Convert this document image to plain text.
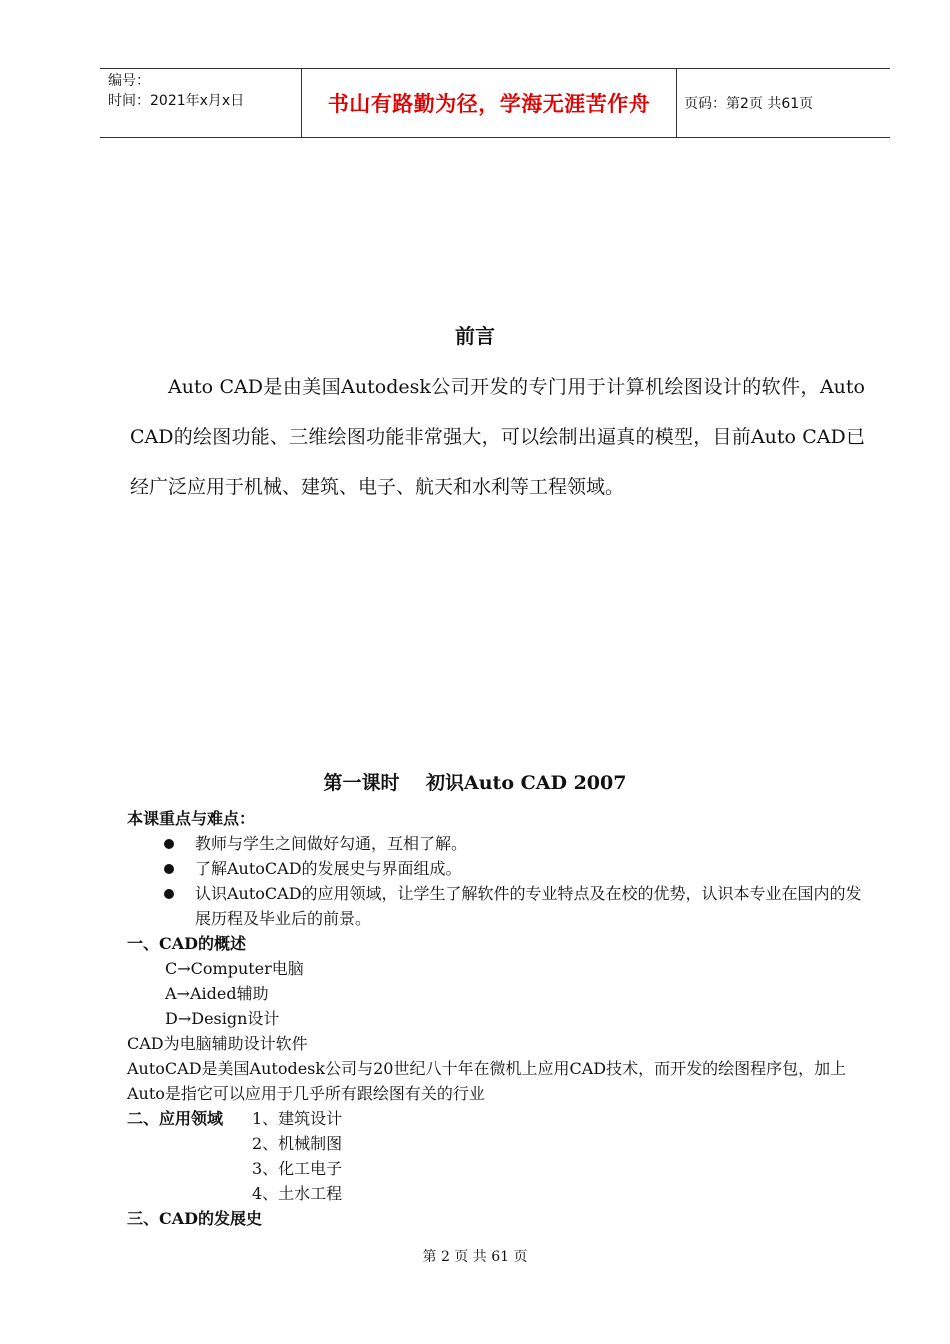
编号：
时间：2021年x月x日	书山有路勤为径，学海无涯苦作舟	页码：第2页 共61页
前言
Auto CAD是由美国Autodesk公司开发的专门用于计算机绘图设计的软件，Auto CAD的绘图功能、三维绘图功能非常强大，可以绘制出逼真的模型，目前Auto CAD已经广泛应用于机械、建筑、电子、航天和水利等工程领域。
第一课时    初识Auto CAD 2007
本课重点与难点：
教师与学生之间做好勾通，互相了解。
了解AutoCAD的发展史与界面组成。
认识AutoCAD的应用领域，让学生了解软件的专业特点及在校的优势，认识本专业在国内的发展历程及毕业后的前景。
一、CAD的概述
C→Computer电脑
A→Aided辅助
D→Design设计
CAD为电脑辅助设计软件
AutoCAD是美国Autodesk公司与20世纪八十年在微机上应用CAD技术，而开发的绘图程序包，加上Auto是指它可以应用于几乎所有跟绘图有关的行业
二、应用领域	1、建筑设计
2、机械制图
3、化工电子
4、土水工程
三、CAD的发展史
第 2 页 共 61 页
